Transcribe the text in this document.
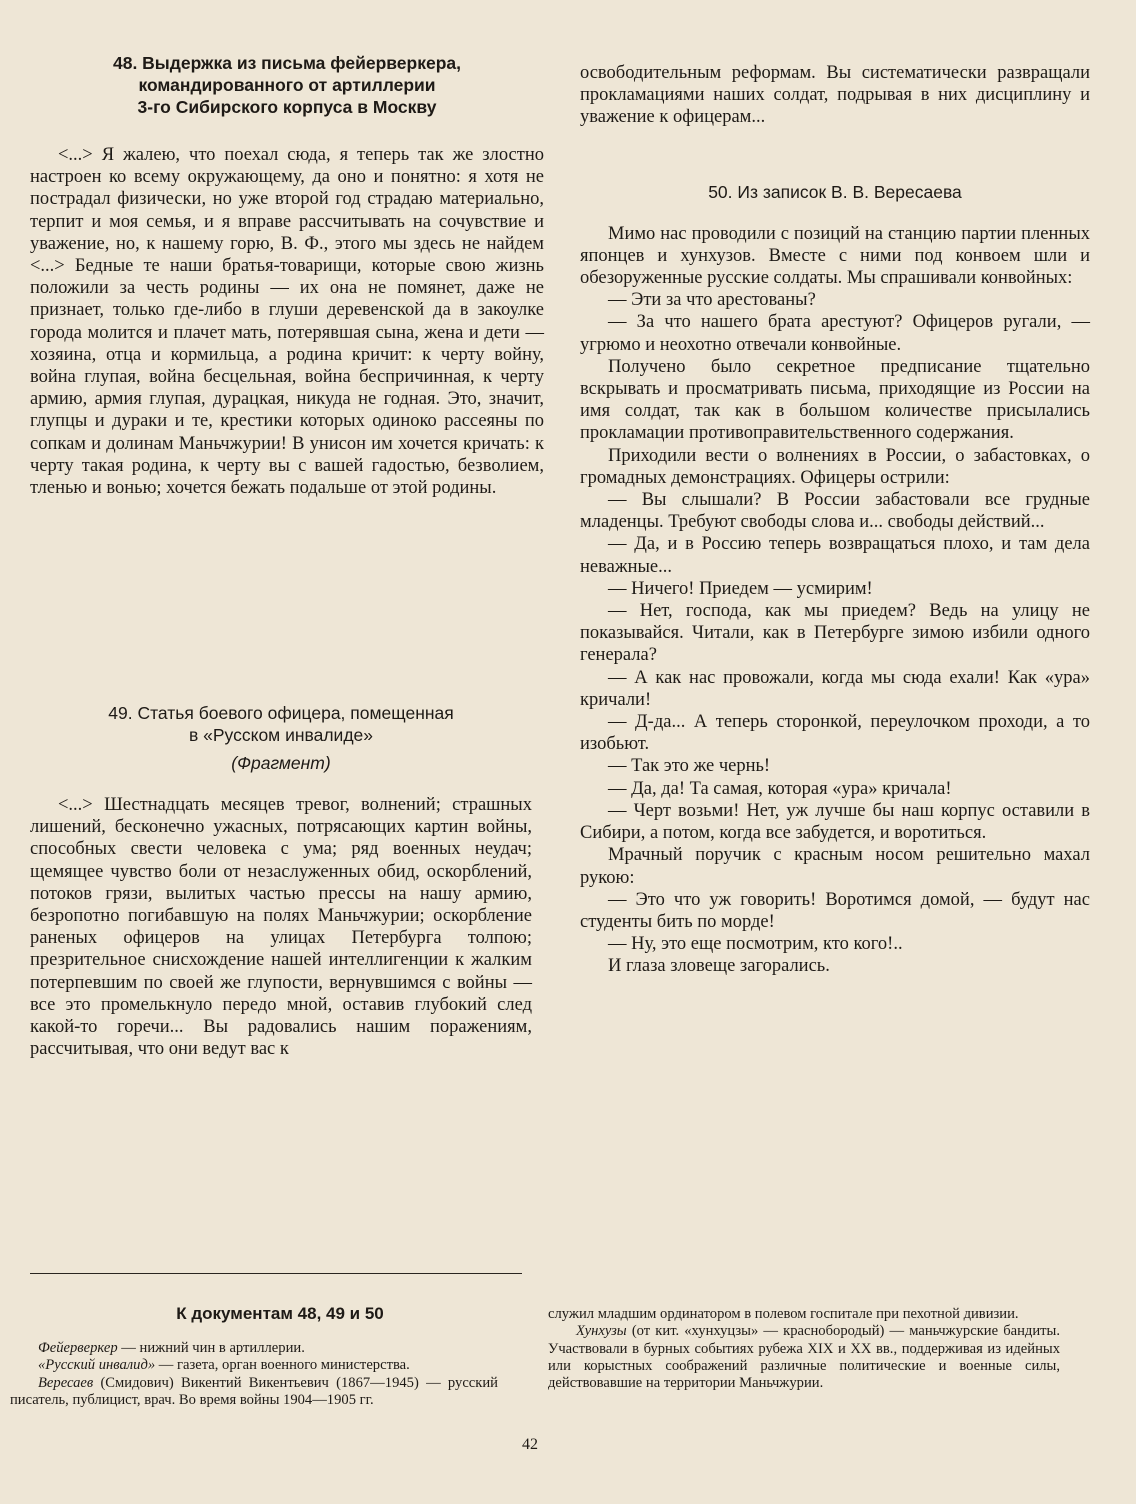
48. Выдержка из письма фейерверкера,
командированного от артиллерии
3-го Сибирского корпуса в Москву

<...> Я жалею, что поехал сюда, я теперь так же злостно настроен ко всему окружающему, да оно и понятно: я хотя не пострадал физически, но уже второй год страдаю материально, терпит и моя семья, и я вправе рассчитывать на сочувствие и уважение, но, к нашему горю, В. Ф., этого мы здесь не найдем <...> Бедные те наши братья-товарищи, которые свою жизнь положили за честь родины — их она не помянет, даже не признает, только где-либо в глуши деревенской да в закоулке города молится и плачет мать, потерявшая сына, жена и дети — хозяина, отца и кормильца, а родина кричит: к черту войну, война глупая, война бесцельная, война беспричинная, к черту армию, армия глупая, дурацкая, никуда не годная. Это, значит, глупцы и дураки и те, крестики которых одиноко рассеяны по сопкам и долинам Маньчжурии! В унисон им хочется кричать: к черту такая родина, к черту вы с вашей гадостью, безволием, тленью и вонью; хочется бежать подальше от этой родины.

49. Статья боевого офицера, помещенная
в «Русском инвалиде»
(Фрагмент)

<...> Шестнадцать месяцев тревог, волнений; страшных лишений, бесконечно ужасных, потрясающих картин войны, способных свести человека с ума; ряд военных неудач; щемящее чувство боли от незаслуженных обид, оскорблений, потоков грязи, вылитых частью прессы на нашу армию, безропотно погибавшую на полях Маньчжурии; оскорбление раненых офицеров на улицах Петербурга толпою; презрительное снисхождение нашей интеллигенции к жалким потерпевшим по своей же глупости, вернувшимся с войны — все это промелькнуло передо мной, оставив глубокий след какой-то горечи... Вы радовались нашим поражениям, рассчитывая, что они ведут вас к

освободительным реформам. Вы систематически развращали прокламациями наших солдат, подрывая в них дисциплину и уважение к офицерам...

50. Из записок В. В. Вересаева

Мимо нас проводили с позиций на станцию партии пленных японцев и хунхузов. Вместе с ними под конвоем шли и обезоруженные русские солдаты. Мы спрашивали конвойных:

— Эти за что арестованы?

— За что нашего брата арестуют? Офицеров ругали, — угрюмо и неохотно отвечали конвойные.

Получено было секретное предписание тщательно вскрывать и просматривать письма, приходящие из России на имя солдат, так как в большом количестве присылались прокламации противоправительственного содержания.

Приходили вести о волнениях в России, о забастовках, о громадных демонстрациях. Офицеры острили:

— Вы слышали? В России забастовали все грудные младенцы. Требуют свободы слова и... свободы действий...

— Да, и в Россию теперь возвращаться плохо, и там дела неважные...

— Ничего! Приедем — усмирим!

— Нет, господа, как мы приедем? Ведь на улицу не показывайся. Читали, как в Петербурге зимою избили одного генерала?

— А как нас провожали, когда мы сюда ехали! Как «ура» кричали!

— Д-да... А теперь сторонкой, переулочком проходи, а то изобьют.

— Так это же чернь!

— Да, да! Та самая, которая «ура» кричала!

— Черт возьми! Нет, уж лучше бы наш корпус оставили в Сибири, а потом, когда все забудется, и воротиться.

Мрачный поручик с красным носом решительно махал рукою:

— Это что уж говорить! Воротимся домой, — будут нас студенты бить по морде!

— Ну, это еще посмотрим, кто кого!..

И глаза зловеще загорались.

К документам 48, 49 и 50

Фейерверкер — нижний чин в артиллерии.

«Русский инвалид» — газета, орган военного министерства.

Вересаев (Смидович) Викентий Викентьевич (1867—1945) — русский писатель, публицист, врач. Во время войны 1904—1905 гг.

служил младшим ординатором в полевом госпитале при пехотной дивизии.

Хунхузы (от кит. «хунхуцзы» — краснобородый) — маньчжурские бандиты. Участвовали в бурных событиях рубежа XIX и XX вв., поддерживая из идейных или корыстных соображений различные политические и военные силы, действовавшие на территории Маньчжурии.

42
